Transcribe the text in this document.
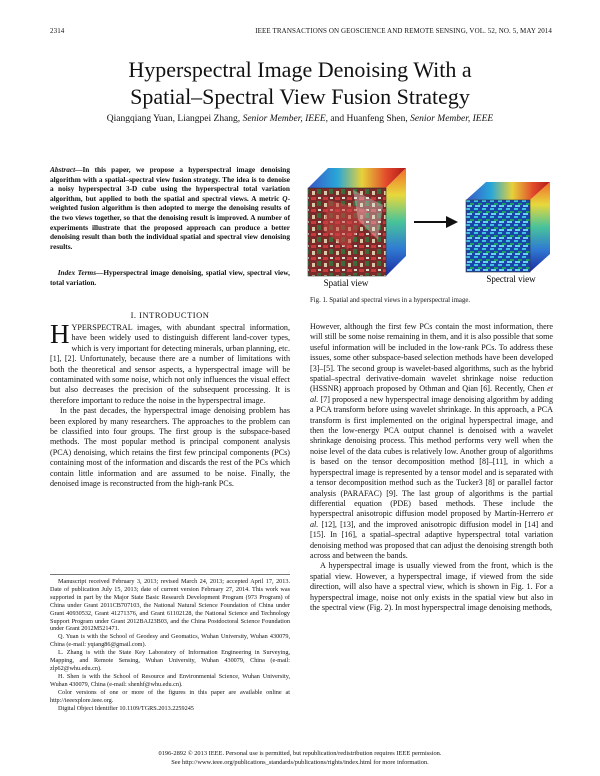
2314	IEEE TRANSACTIONS ON GEOSCIENCE AND REMOTE SENSING, VOL. 52, NO. 5, MAY 2014
Hyperspectral Image Denoising With a
Spatial–Spectral View Fusion Strategy
Qiangqiang Yuan, Liangpei Zhang, Senior Member, IEEE, and Huanfeng Shen, Senior Member, IEEE
Abstract—In this paper, we propose a hyperspectral image denoising algorithm with a spatial–spectral view fusion strategy. The idea is to denoise a noisy hyperspectral 3-D cube using the hyperspectral total variation algorithm, but applied to both the spatial and spectral views. A metric Q-weighted fusion algorithm is then adopted to merge the denoising results of the two views together, so that the denoising result is improved. A number of experiments illustrate that the proposed approach can produce a better denoising result than both the individual spatial and spectral view denoising results.
Index Terms—Hyperspectral image denoising, spatial view, spectral view, total variation.
I. INTRODUCTION

HYPERSPECTRAL images, with abundant spectral information, have been widely used to distinguish different land-cover types, which is very important for detecting minerals, urban planning, etc. [1], [2]. Unfortunately, because there are a number of limitations with both the theoretical and sensor aspects, a hyperspectral image will be contaminated with some noise, which not only influences the visual effect but also decreases the precision of the subsequent processing. It is therefore important to reduce the noise in the hyperspectral image.

In the past decades, the hyperspectral image denoising problem has been explored by many researchers. The approaches to the problem can be classified into four groups. The first group is the subspace-based methods. The most popular method is principal component analysis (PCA) denoising, which retains the first few principal components (PCs) containing most of the information and discards the rest of the PCs which contain little information and are assumed to be noise. Finally, the denoised image is reconstructed from the high-rank PCs.

Manuscript received February 3, 2013; revised March 24, 2013; accepted April 17, 2013. Date of publication July 15, 2013; date of current version February 27, 2014. This work was supported in part by the Major State Basic Research Development Program (973 Program) of China under Grant 2011CB707103, the National Natural Science Foundation of China under Grant 40930532, Grant 41271376, and Grant 61102128, the National Science and Technology Support Program under Grant 2012BAJ23B03, and the China Postdoctoral Science Foundation under Grant 2012M521471.

Q. Yuan is with the School of Geodesy and Geomatics, Wuhan University, Wuhan 430079, China (e-mail: yqiang86@gmail.com).

L. Zhang is with the State Key Laboratory of Information Engineering in Surveying, Mapping, and Remote Sensing, Wuhan University, Wuhan 430079, China (e-mail: zlp62@whu.edu.cn).

H. Shen is with the School of Resource and Environmental Science, Wuhan University, Wuhan 430079, China (e-mail: shenhf@whu.edu.cn).

Color versions of one or more of the figures in this paper are available online at http://ieeexplore.ieee.org.

Digital Object Identifier 10.1109/TGRS.2013.2259245

Spatial view	Spectral view
Fig. 1. Spatial and spectral views in a hyperspectral image.

However, although the first few PCs contain the most information, there will still be some noise remaining in them, and it is also possible that some useful information will be included in the low-rank PCs. To address these issues, some other subspace-based selection methods have been developed [3]–[5]. The second group is wavelet-based algorithms, such as the hybrid spatial–spectral derivative-domain wavelet shrinkage noise reduction (HSSNR) approach proposed by Othman and Qian [6]. Recently, Chen et al. [7] proposed a new hyperspectral image denoising algorithm by adding a PCA transform before using wavelet shrinkage. In this approach, a PCA transform is first implemented on the original hyperspectral image, and then the low-energy PCA output channel is denoised with a wavelet shrinkage denoising process. This method performs very well when the noise level of the data cubes is relatively low. Another group of algorithms is based on the tensor decomposition method [8]–[11], in which a hyperspectral image is represented by a tensor model and is separated with a tensor decomposition method such as the Tucker3 [8] or parallel factor analysis (PARAFAC) [9]. The last group of algorithms is the partial differential equation (PDE) based methods. These include the hyperspectral anisotropic diffusion model proposed by Martín-Herrero et al. [12], [13], and the improved anisotropic diffusion model in [14] and [15]. In [16], a spatial–spectral adaptive hyperspectral total variation denoising method was proposed that can adjust the denoising strength both across and between the bands.

A hyperspectral image is usually viewed from the front, which is the spatial view. However, a hyperspectral image, if viewed from the side direction, will also have a spectral view, which is shown in Fig. 1. For a hyperspectral image, noise not only exists in the spatial view but also in the spectral view (Fig. 2). In most hyperspectral image denoising methods,

0196-2892 © 2013 IEEE. Personal use is permitted, but republication/redistribution requires IEEE permission.
See http://www.ieee.org/publications_standards/publications/rights/index.html for more information.
